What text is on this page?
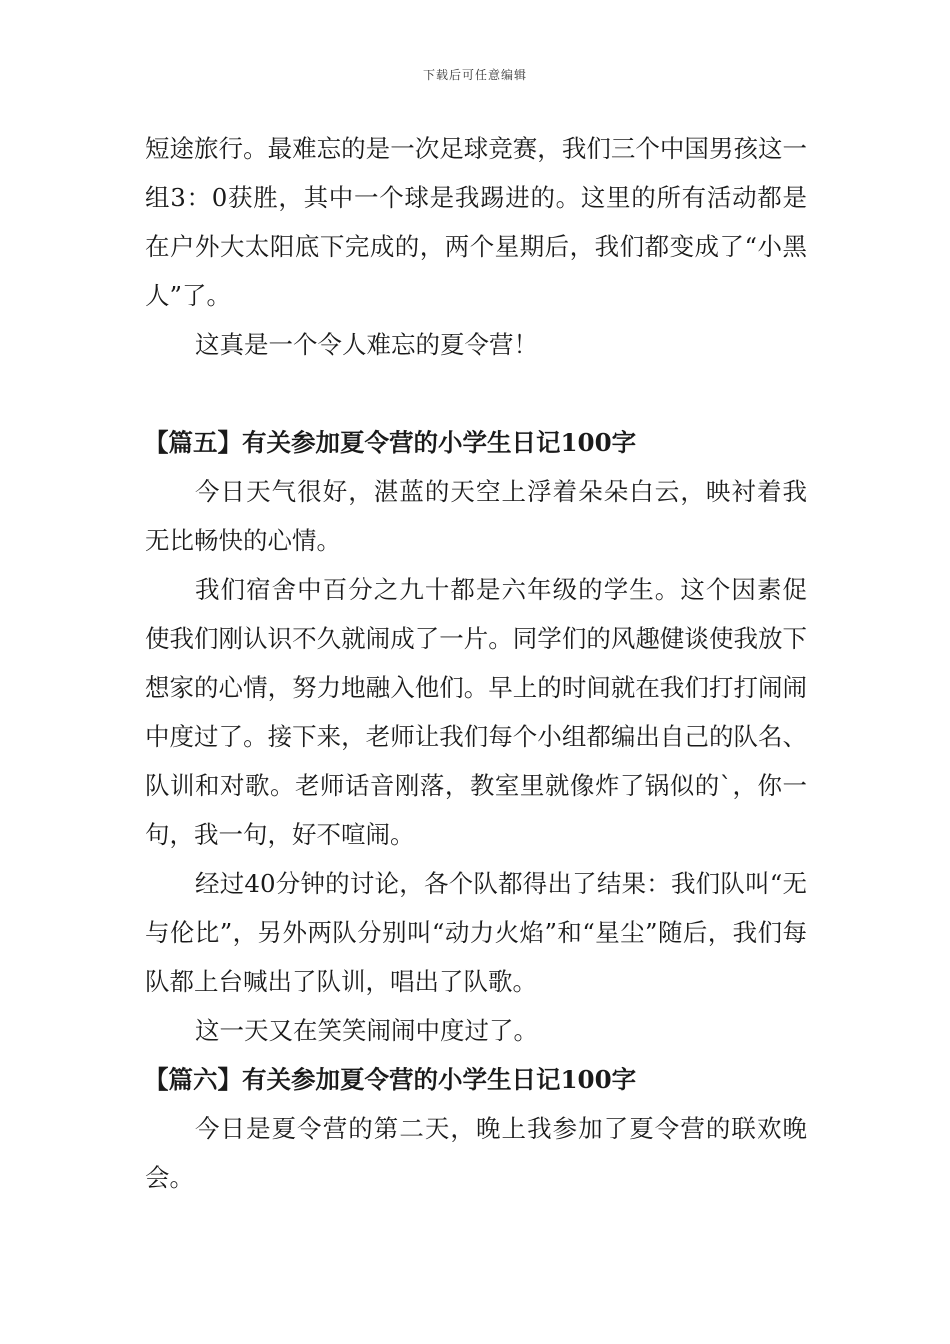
下载后可任意编辑

短途旅行。最难忘的是一次足球竞赛，我们三个中国男孩这一组3：0获胜，其中一个球是我踢进的。这里的所有活动都是在户外大太阳底下完成的，两个星期后，我们都变成了“小黑人”了。

这真是一个令人难忘的夏令营！

【篇五】有关参加夏令营的小学生日记100字

今日天气很好，湛蓝的天空上浮着朵朵白云，映衬着我无比畅快的心情。

我们宿舍中百分之九十都是六年级的学生。这个因素促使我们刚认识不久就闹成了一片。同学们的风趣健谈使我放下想家的心情，努力地融入他们。早上的时间就在我们打打闹闹中度过了。接下来，老师让我们每个小组都编出自己的队名、队训和对歌。老师话音刚落，教室里就像炸了锅似的`，你一句，我一句，好不喧闹。

经过40分钟的讨论，各个队都得出了结果：我们队叫“无与伦比”，另外两队分别叫“动力火焰”和“星尘”随后，我们每队都上台喊出了队训，唱出了队歌。

这一天又在笑笑闹闹中度过了。

【篇六】有关参加夏令营的小学生日记100字

今日是夏令营的第二天，晚上我参加了夏令营的联欢晚会。
